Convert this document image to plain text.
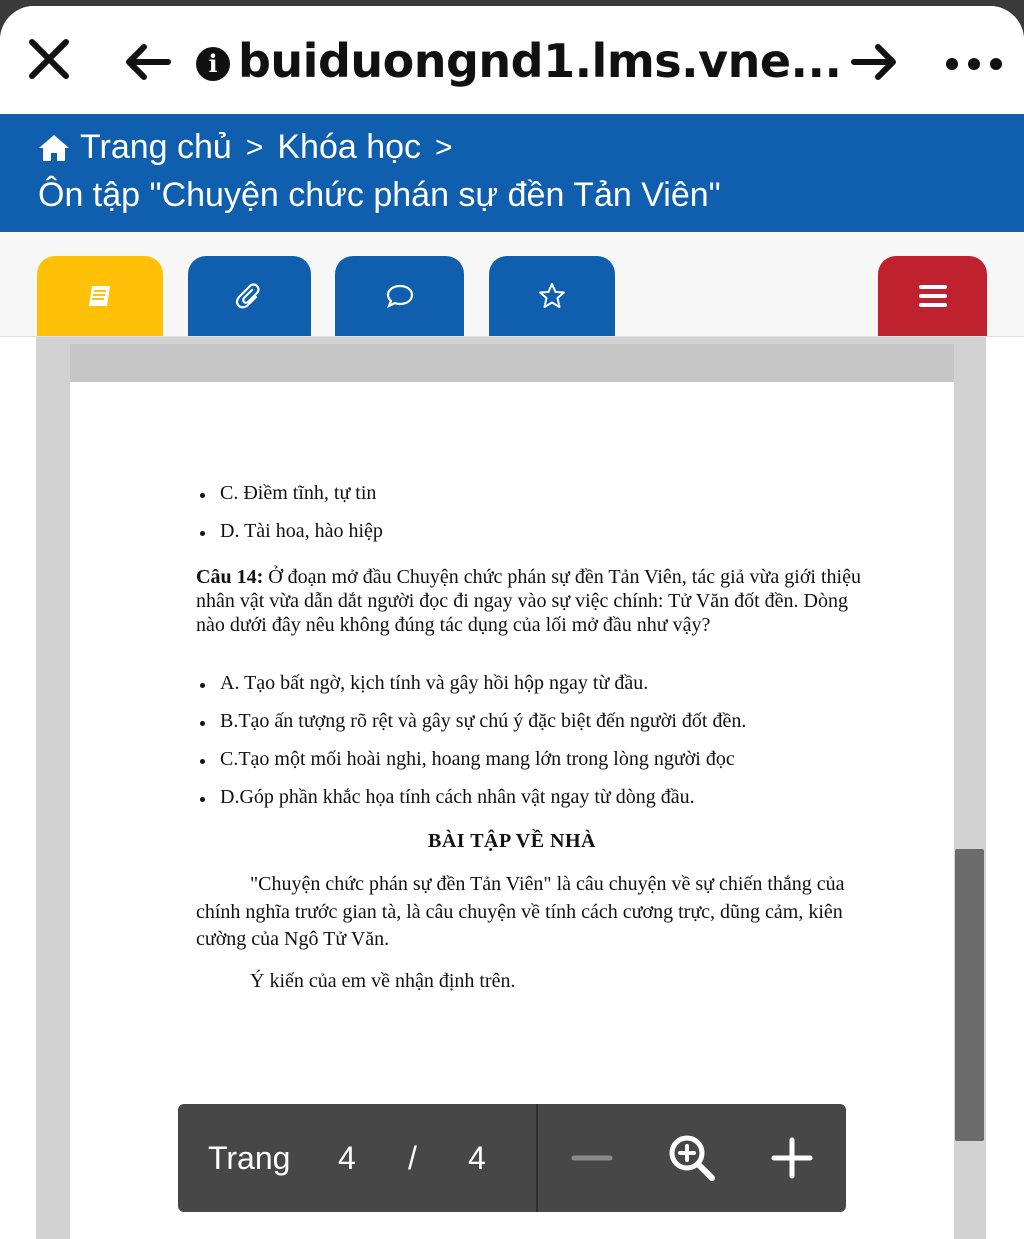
i buiduongnd1.lms.vne...
Trang chủ > Khóa học >
Ôn tập "Chuyện chức phán sự đền Tản Viên"
C. Điềm tĩnh, tự tin
D. Tài hoa, hào hiệp
Câu 14: Ở đoạn mở đầu Chuyện chức phán sự đền Tản Viên, tác giả vừa giới thiệu
nhân vật vừa dẫn dắt người đọc đi ngay vào sự việc chính: Tử Văn đốt đền. Dòng
nào dưới đây nêu không đúng tác dụng của lối mở đầu như vậy?
A. Tạo bất ngờ, kịch tính và gây hồi hộp ngay từ đầu.
B.Tạo ấn tượng rõ rệt và gây sự chú ý đặc biệt đến người đốt đền.
C.Tạo một mối hoài nghi, hoang mang lớn trong lòng người đọc
D.Góp phần khắc họa tính cách nhân vật ngay từ dòng đầu.
BÀI TẬP VỀ NHÀ
"Chuyện chức phán sự đền Tản Viên" là câu chuyện về sự chiến thắng của
chính nghĩa trước gian tà, là câu chuyện về tính cách cương trực, dũng cảm, kiên
cường của Ngô Tử Văn.
Ý kiến của em về nhận định trên.
Trang 4 / 4
